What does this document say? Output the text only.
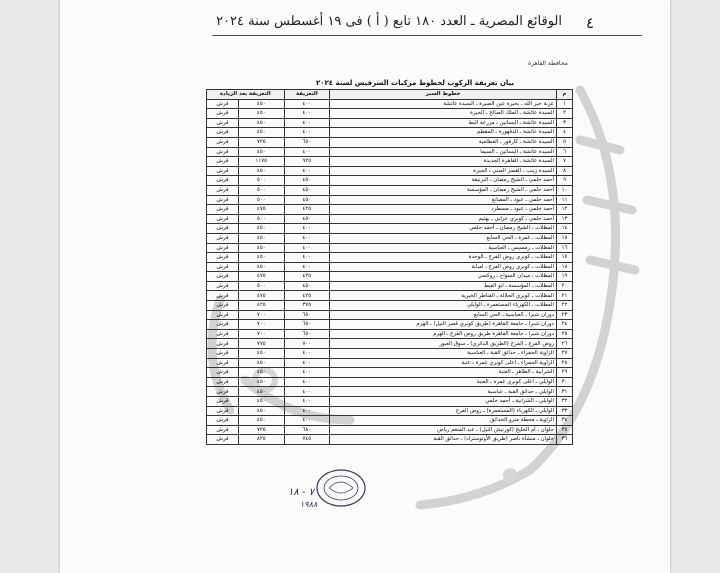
٤
الوقائع المصرية ـ العدد ١٨٠ تابع ( أ ) فى ١٩ أغسطس سنة ٢٠٢٤
محافظة القاهرة
بيان تعريفة الركوب لخطوط مركبات السرفيس لسنة ٢٠٢٤
م	خطوط السير	التعريفة	التعريفة بعد الزيادة	
١	عزبة خير الله ـ بحيرة عين الصيرة ـ السيدة عائشة	٤٠٠	٤٥٠	قرش
٢	السيدة عائشة ـ الملك الصالح ـ الجيزة	٤٠٠	٤٥٠	قرش
٣	السيدة عائشة ـ البساتين ـ مزرعة البط	٤٠٠	٤٥٠	قرش
٤	السيدة عائشة ـ الدقهورة ـ المقطم	٤٠٠	٤٥٠	قرش
٥	السيدة عائشة ـ كارفور ـ القطامية	٦٥٠	٧٢٥	قرش
٦	السيدة عائشة ـ البساتين ـ السيما	٤٠٠	٤٥٠	قرش
٧	السيدة عائشة ـ القاهرة الجديدة	٩٢٥	١١٧٥	قرش
٨	السيدة زينب ـ القصر العيني ـ الجيزة	٤٠٠	٤٥٠	قرش
٩	أحمد حلمي ـ الشيخ رمضان ـ البرنيقة	٤٥٠	٥٠٠	قرش
١٠	أحمد حلمي ـ الشيخ رمضان ـ المؤسسة	٤٥٠	٥٠٠	قرش
١١	أحمد حلمي ـ عبود ـ المصانع	٤٥٠	٥٠٠	قرش
١٢	أحمد حلمي ـ عبود ـ مسطرد	٤٢٥	٤٧٥	قرش
١٣	أحمد حلمي ـ كوبري عرابي ـ بهتيم	٤٥٠	٥٠٠	قرش
١٤	المظلات ـ الشيخ رمضان ـ أحمد حلمي	٤٠٠	٤٥٠	قرش
١٥	المظلات ـ غمرة ـ الحي السابع	٤٠٠	٤٥٠	قرش
١٦	المظلات ـ رمسيس ـ العباسية	٤٠٠	٤٥٠	قرش
١٧	المظلات ـ كوبري روض الفرج ـ الوحدة	٤٠٠	٤٥٠	قرش
١٨	المظلات ـ كوبري روض الفرج ـ امبابة	٤٠٠	٤٥٠	قرش
١٩	المظلات ـ ميدان السواح ـ روكسي	٤٢٥	٤٧٥	قرش
٢٠	المظلات ـ المؤسسة ـ ابو الغيط	٤٥٠	٥٠٠	قرش
٢١	المظلات ـ كوبري الجلالة ـ القناطر الخيرية	٤٢٥	٤٧٥	قرش
٢٢	المظلات ـ الكهرباء المستعمرة ـ الوايلي	٣٧٥	٤٢٥	قرش
٢٣	دوران شبرا ـ العباسية ـ الحي السابع	٦٥٠	٧٠٠	قرش
٢٤	دوران شبرا ـ جامعة القاهرة (طريق كوبري قصر النيل) ـ الهرم	٦٥٠	٧٠٠	قرش
٢٥	دوران شبرا ـ جامعة القاهرة طريق روض الفرج ـ الهرم	٦٥٠	٧٠٠	قرش
٢٦	روض الفرج ـ المرج (الطريق الدائري) ـ سوق العبور	٧٠٠	٧٧٥	قرش
٢٧	الزاوية الحمراء ـ حدائق القبة ـ العباسية	٤٠٠	٤٥٠	قرش
٢٨	الزاوية الحمراء ـ اعلى كوبري غمرة ـ عتبة	٤٠٠	٤٥٠	قرش
٢٩	الشرابية ـ الظاهر ـ العتبة	٤٠٠	٤٥٠	قرش
٣٠	الوايلي ـ اعلى كوبري غمرة ـ العتبة	٤٠٠	٤٥٠	قرش
٣١	الوايلي ـ حدائق القبة ـ عباسية	٤٠٠	٤٥٠	قرش
٣٢	الوايلي ـ الشرابية ـ أحمد حلمي	٤٠٠	٤٥٠	قرش
٣٣	الوايلي ـ الكهرباء (المستعمرة) ـ روض الفرج	٤٠٠	٤٥٠	قرش
٣٤	الزاوية ـ محطة مترو الحدائق	٤٠٠	٤٥٠	قرش
٣٥	حلوان ـ أم الخليج (كورنيش النيل) ـ عبد المنعم رياض	٦٨٠	٧٢٥	قرش
٣٦	حلوان ـ منشأة ناصر (طريق الأوتوستراد) ـ حدائق القبة	٧٤٥	٨٢٥	قرش
٧ - ١٨
١٩٨٨
